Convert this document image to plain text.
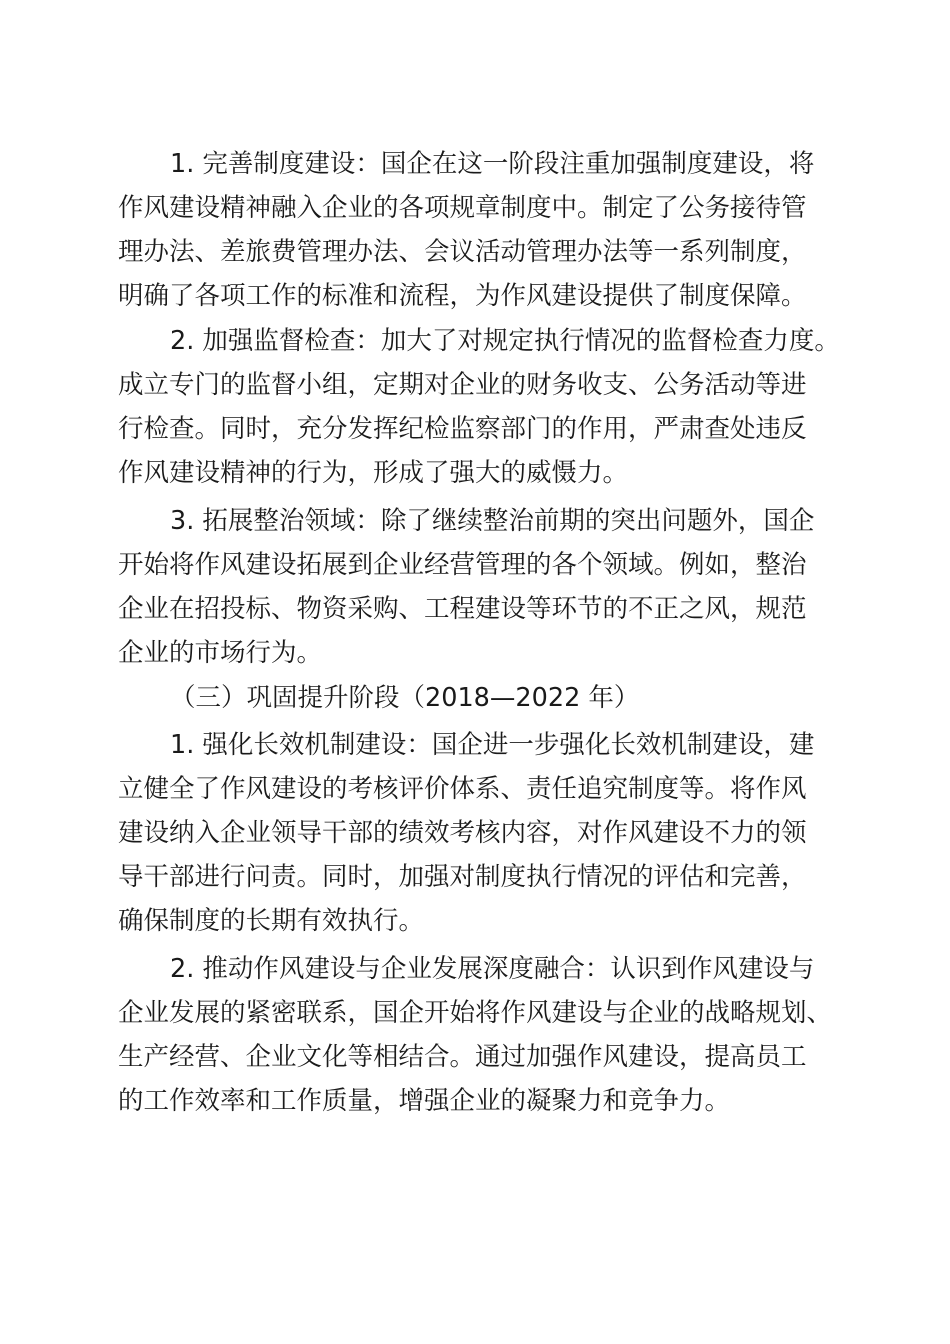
1. 完善制度建设：国企在这一阶段注重加强制度建设，将
作风建设精神融入企业的各项规章制度中。制定了公务接待管
理办法、差旅费管理办法、会议活动管理办法等一系列制度，
明确了各项工作的标准和流程，为作风建设提供了制度保障。
2. 加强监督检查：加大了对规定执行情况的监督检查力度。
成立专门的监督小组，定期对企业的财务收支、公务活动等进
行检查。同时，充分发挥纪检监察部门的作用，严肃查处违反
作风建设精神的行为，形成了强大的威慑力。
3. 拓展整治领域：除了继续整治前期的突出问题外，国企
开始将作风建设拓展到企业经营管理的各个领域。例如，整治
企业在招投标、物资采购、工程建设等环节的不正之风，规范
企业的市场行为。
（三）巩固提升阶段（2018—2022 年）
1. 强化长效机制建设：国企进一步强化长效机制建设，建
立健全了作风建设的考核评价体系、责任追究制度等。将作风
建设纳入企业领导干部的绩效考核内容，对作风建设不力的领
导干部进行问责。同时，加强对制度执行情况的评估和完善，
确保制度的长期有效执行。
2. 推动作风建设与企业发展深度融合：认识到作风建设与
企业发展的紧密联系，国企开始将作风建设与企业的战略规划、
生产经营、企业文化等相结合。通过加强作风建设，提高员工
的工作效率和工作质量，增强企业的凝聚力和竞争力。
